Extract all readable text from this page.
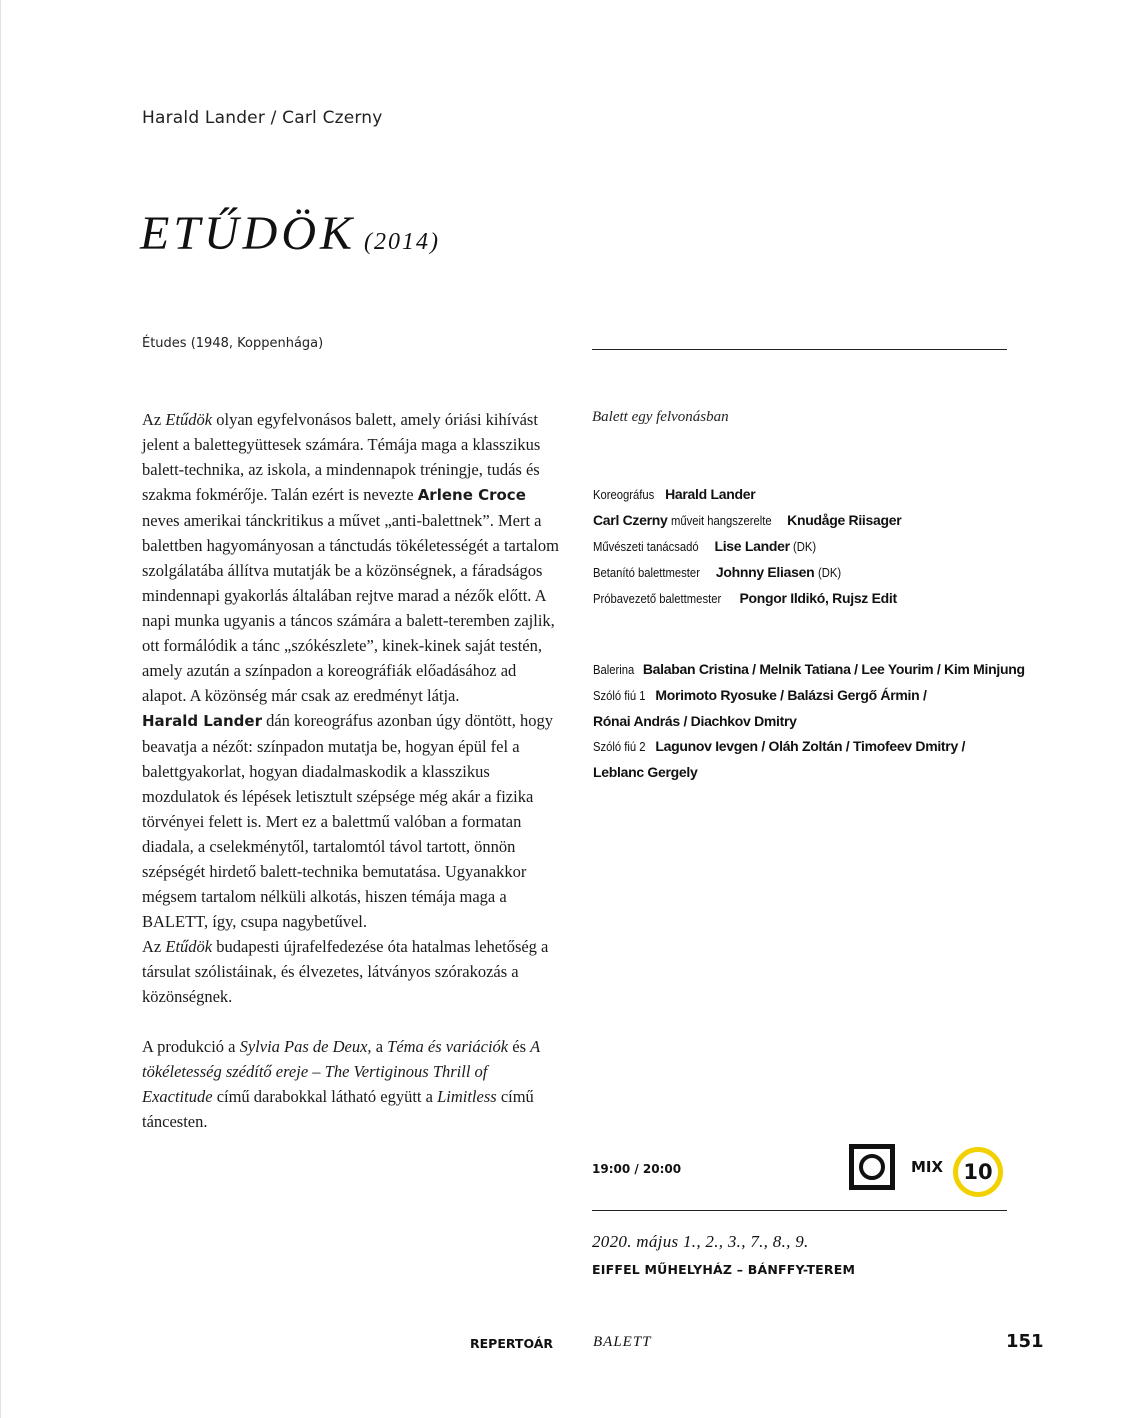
Harald Lander / Carl Czerny
ETŰDÖK (2014)
Études (1948, Koppenhága)

Az Etűdök olyan egyfelvonásos balett, amely óriási kihívást jelent a balettegyüttesek számára. Témája maga a klasszikus balett-technika, az iskola, a mindennapok tréningje, tudás és szakma fokmérője. Talán ezért is nevezte Arlene Croce neves amerikai tánckritikus a művet „anti-balettnek”. Mert a balettben hagyományosan a tánctudás tökéletességét a tartalom szolgálatába állítva mutatják be a közönségnek, a fáradságos mindennapi gyakorlás általában rejtve marad a nézők előtt. A napi munka ugyanis a táncos számára a balett-teremben zajlik, ott formálódik a tánc „szókészlete”, kinek-kinek saját testén, amely azután a színpadon a koreográfiák előadásához ad alapot. A közönség már csak az eredményt látja.

Harald Lander dán koreográfus azonban úgy döntött, hogy beavatja a nézőt: színpadon mutatja be, hogyan épül fel a balettgyakorlat, hogyan diadalmaskodik a klasszikus mozdulatok és lépések letisztult szépsége még akár a fizika törvényei felett is. Mert ez a balettmű valóban a formatan diadala, a cselekménytől, tartalomtól távol tartott, önnön szépségét hirdető balett-technika bemutatása. Ugyanakkor mégsem tartalom nélküli alkotás, hiszen témája maga a BALETT, így, csupa nagybetűvel.

Az Etűdök budapesti újrafelfedezése óta hatalmas lehetőség a társulat szólistáinak, és élvezetes, látványos szórakozás a közönségnek.

A produkció a Sylvia Pas de Deux, a Téma és variációk és A tökéletesség szédítő ereje – The Vertiginous Thrill of Exactitude című darabokkal látható együtt a Limitless című táncesten.

Balett egy felvonásban
Koreográfus Harald Lander
Carl Czerny műveit hangszerelte Knudåge Riisager
Művészeti tanácsadó Lise Lander (DK)
Betanító balettmester Johnny Eliasen (DK)
Próbavezető balettmester Pongor Ildikó, Rujsz Edit
Balerina Balaban Cristina / Melnik Tatiana / Lee Yourim / Kim Minjung
Szóló fiú 1 Morimoto Ryosuke / Balázsi Gergő Ármin /
Rónai András / Diachkov Dmitry
Szóló fiú 2 Lagunov Ievgen / Oláh Zoltán / Timofeev Dmitry /
Leblanc Gergely
19:00 / 20:00	MIX 10
2020. május 1., 2., 3., 7., 8., 9.
EIFFEL MŰHELYHÁZ – BÁNFFY-TEREM
REPERTOÁR	BALETT	151
